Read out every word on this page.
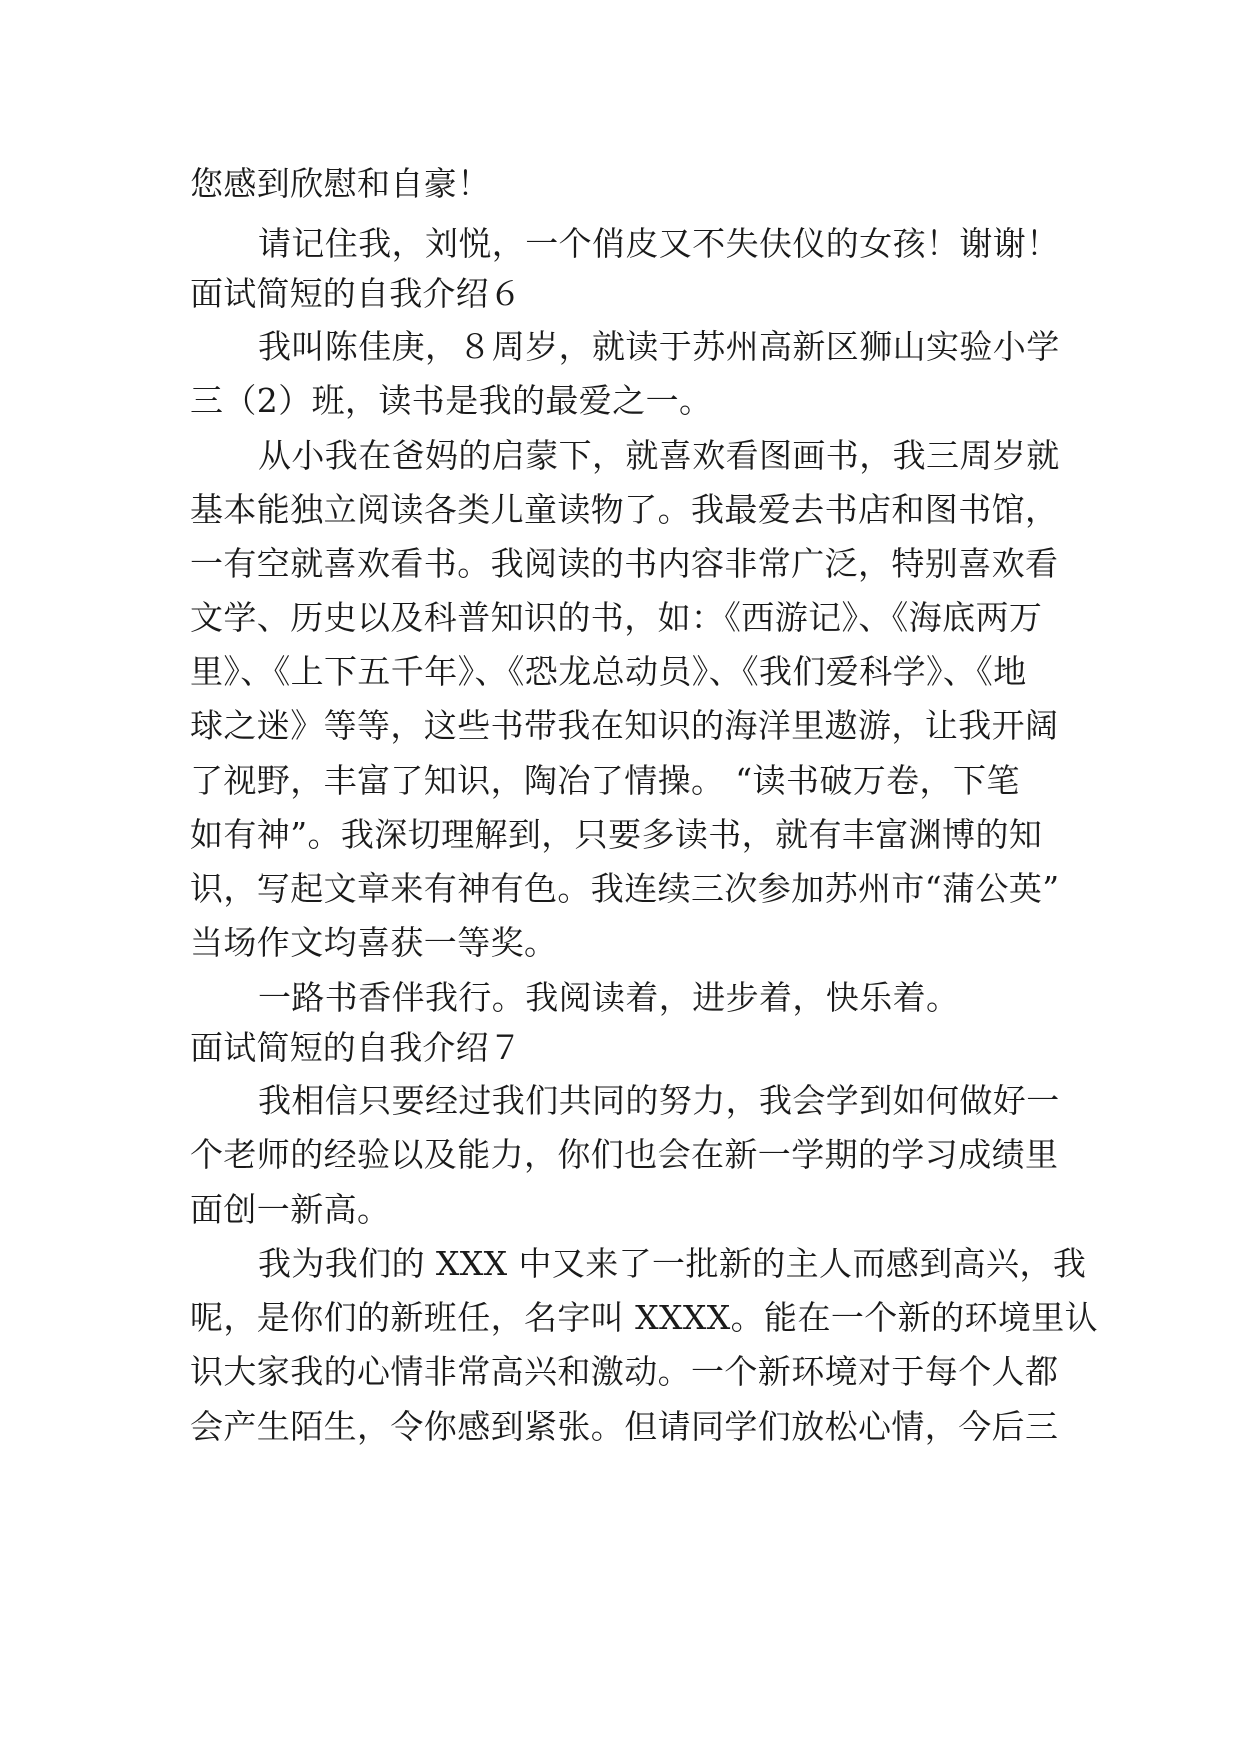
您感到欣慰和自豪！
请记住我，刘悦，一个俏皮又不失伕仪的女孩！谢谢！
面试简短的自我介绍６
我叫陈佳庚，８周岁，就读于苏州高新区狮山实验小学
三（2）班，读书是我的最爱之一。
从小我在爸妈的启蒙下，就喜欢看图画书，我三周岁就
基本能独立阅读各类儿童读物了。我最爱去书店和图书馆，
一有空就喜欢看书。我阅读的书内容非常广泛，特别喜欢看
文学、历史以及科普知识的书，如：《西游记》、《海底两万
里》、《上下五千年》、《恐龙总动员》、《我们爱科学》、《地
球之迷》等等，这些书带我在知识的海洋里遨游，让我开阔
了视野，丰富了知识，陶冶了情操。 “读书破万卷，下笔
如有神”。我深切理解到，只要多读书，就有丰富渊博的知
识，写起文章来有神有色。我连续三次参加苏州市“蒲公英”
当场作文均喜获一等奖。
一路书香伴我行。我阅读着，进步着，快乐着。
面试简短的自我介绍７
我相信只要经过我们共同的努力，我会学到如何做好一
个老师的经验以及能力，你们也会在新一学期的学习成绩里
面创一新高。
我为我们的 XXX 中又来了一批新的主人而感到高兴，我
呢，是你们的新班任，名字叫 XXXX。能在一个新的环境里认
识大家我的心情非常高兴和激动。一个新环境对于每个人都
会产生陌生，令你感到紧张。但请同学们放松心情，今后三
